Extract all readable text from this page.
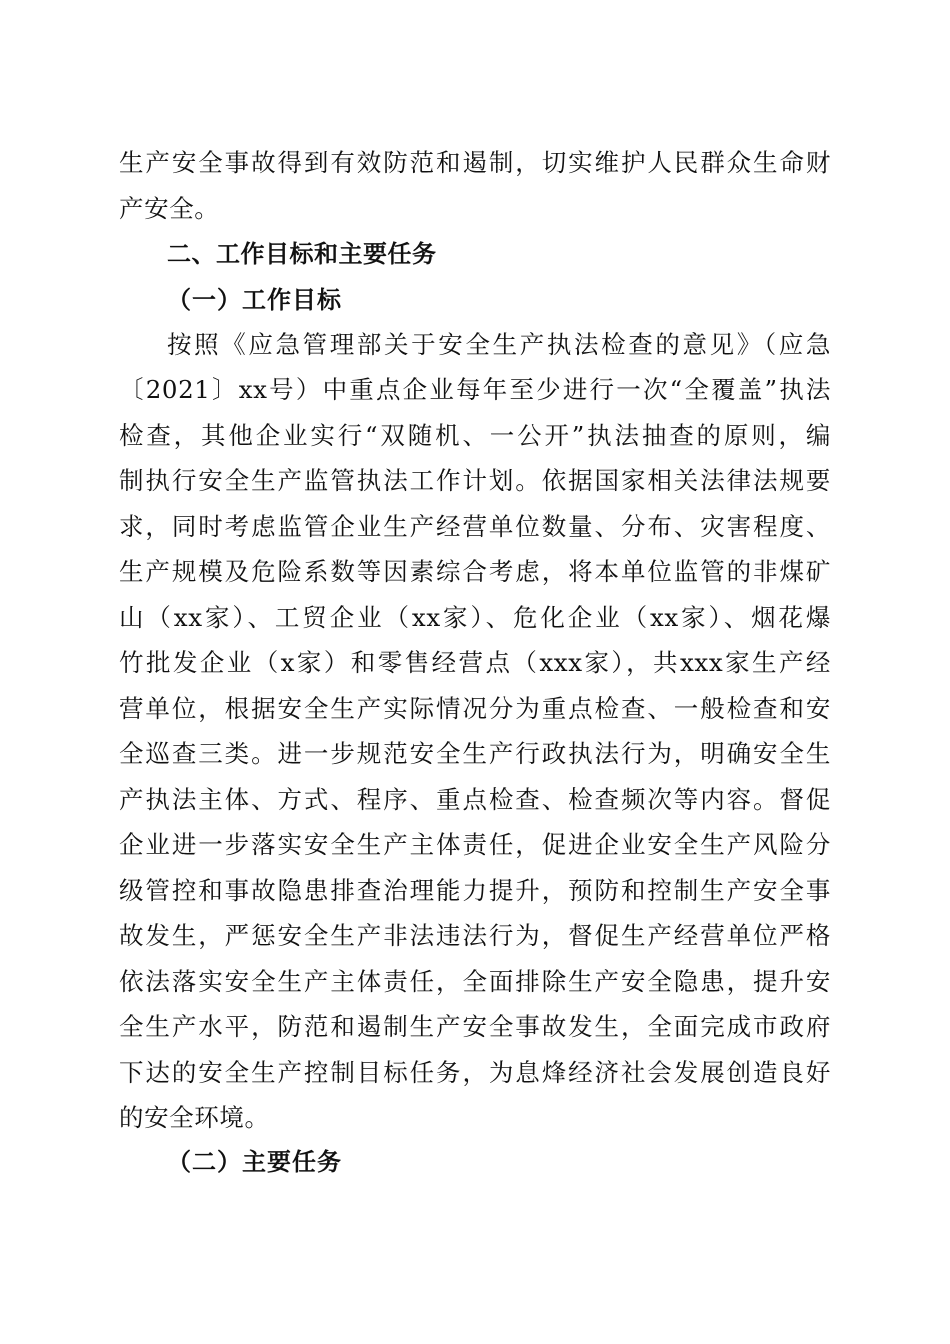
生产安全事故得到有效防范和遏制，切实维护人民群众生命财
产安全。
二、工作目标和主要任务
（一）工作目标
按照《应急管理部关于安全生产执法检查的意见》（应急
〔2021〕xx号）中重点企业每年至少进行一次“全覆盖”执法
检查，其他企业实行“双随机、一公开”执法抽查的原则，编
制执行安全生产监管执法工作计划。依据国家相关法律法规要
求，同时考虑监管企业生产经营单位数量、分布、灾害程度、
生产规模及危险系数等因素综合考虑，将本单位监管的非煤矿
山（xx家）、工贸企业（xx家）、危化企业（xx家）、烟花爆
竹批发企业（x家）和零售经营点（xxx家），共xxx家生产经
营单位，根据安全生产实际情况分为重点检查、一般检查和安
全巡查三类。进一步规范安全生产行政执法行为，明确安全生
产执法主体、方式、程序、重点检查、检查频次等内容。督促
企业进一步落实安全生产主体责任，促进企业安全生产风险分
级管控和事故隐患排查治理能力提升，预防和控制生产安全事
故发生，严惩安全生产非法违法行为，督促生产经营单位严格
依法落实安全生产主体责任，全面排除生产安全隐患，提升安
全生产水平，防范和遏制生产安全事故发生，全面完成市政府
下达的安全生产控制目标任务，为息烽经济社会发展创造良好
的安全环境。
（二）主要任务
